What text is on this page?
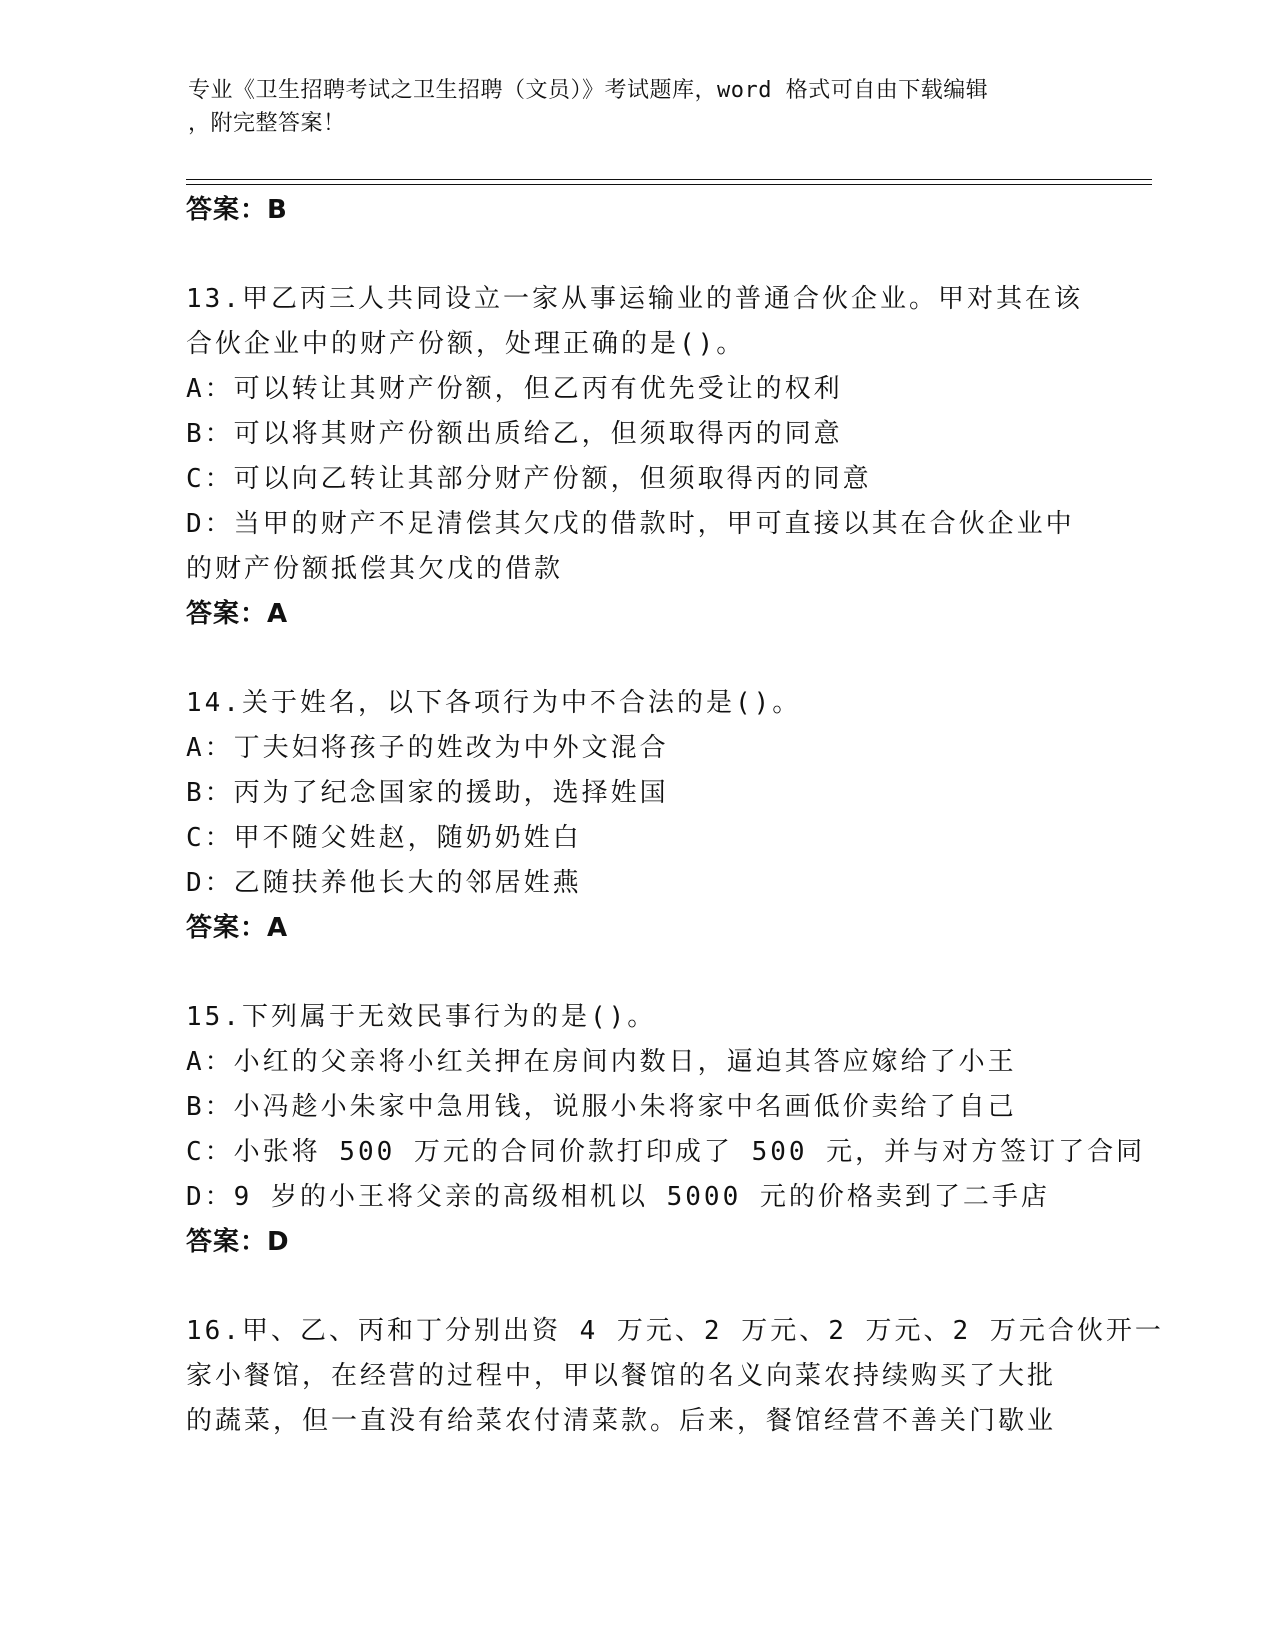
专业《卫生招聘考试之卫生招聘（文员）》考试题库，word 格式可自由下载编辑
，附完整答案！
答案：B
13.甲乙丙三人共同设立一家从事运输业的普通合伙企业。甲对其在该
合伙企业中的财产份额，处理正确的是()。
A：可以转让其财产份额，但乙丙有优先受让的权利
B：可以将其财产份额出质给乙，但须取得丙的同意
C：可以向乙转让其部分财产份额，但须取得丙的同意
D：当甲的财产不足清偿其欠戊的借款时，甲可直接以其在合伙企业中
的财产份额抵偿其欠戊的借款
答案：A
14.关于姓名，以下各项行为中不合法的是()。
A：丁夫妇将孩子的姓改为中外文混合
B：丙为了纪念国家的援助，选择姓国
C：甲不随父姓赵，随奶奶姓白
D：乙随扶养他长大的邻居姓燕
答案：A
15.下列属于无效民事行为的是()。
A：小红的父亲将小红关押在房间内数日，逼迫其答应嫁给了小王
B：小冯趁小朱家中急用钱，说服小朱将家中名画低价卖给了自己
C：小张将 500 万元的合同价款打印成了 500 元，并与对方签订了合同
D：9 岁的小王将父亲的高级相机以 5000 元的价格卖到了二手店
答案：D
16.甲、乙、丙和丁分别出资 4 万元、2 万元、2 万元、2 万元合伙开一
家小餐馆，在经营的过程中，甲以餐馆的名义向菜农持续购买了大批
的蔬菜，但一直没有给菜农付清菜款。后来，餐馆经营不善关门歇业
